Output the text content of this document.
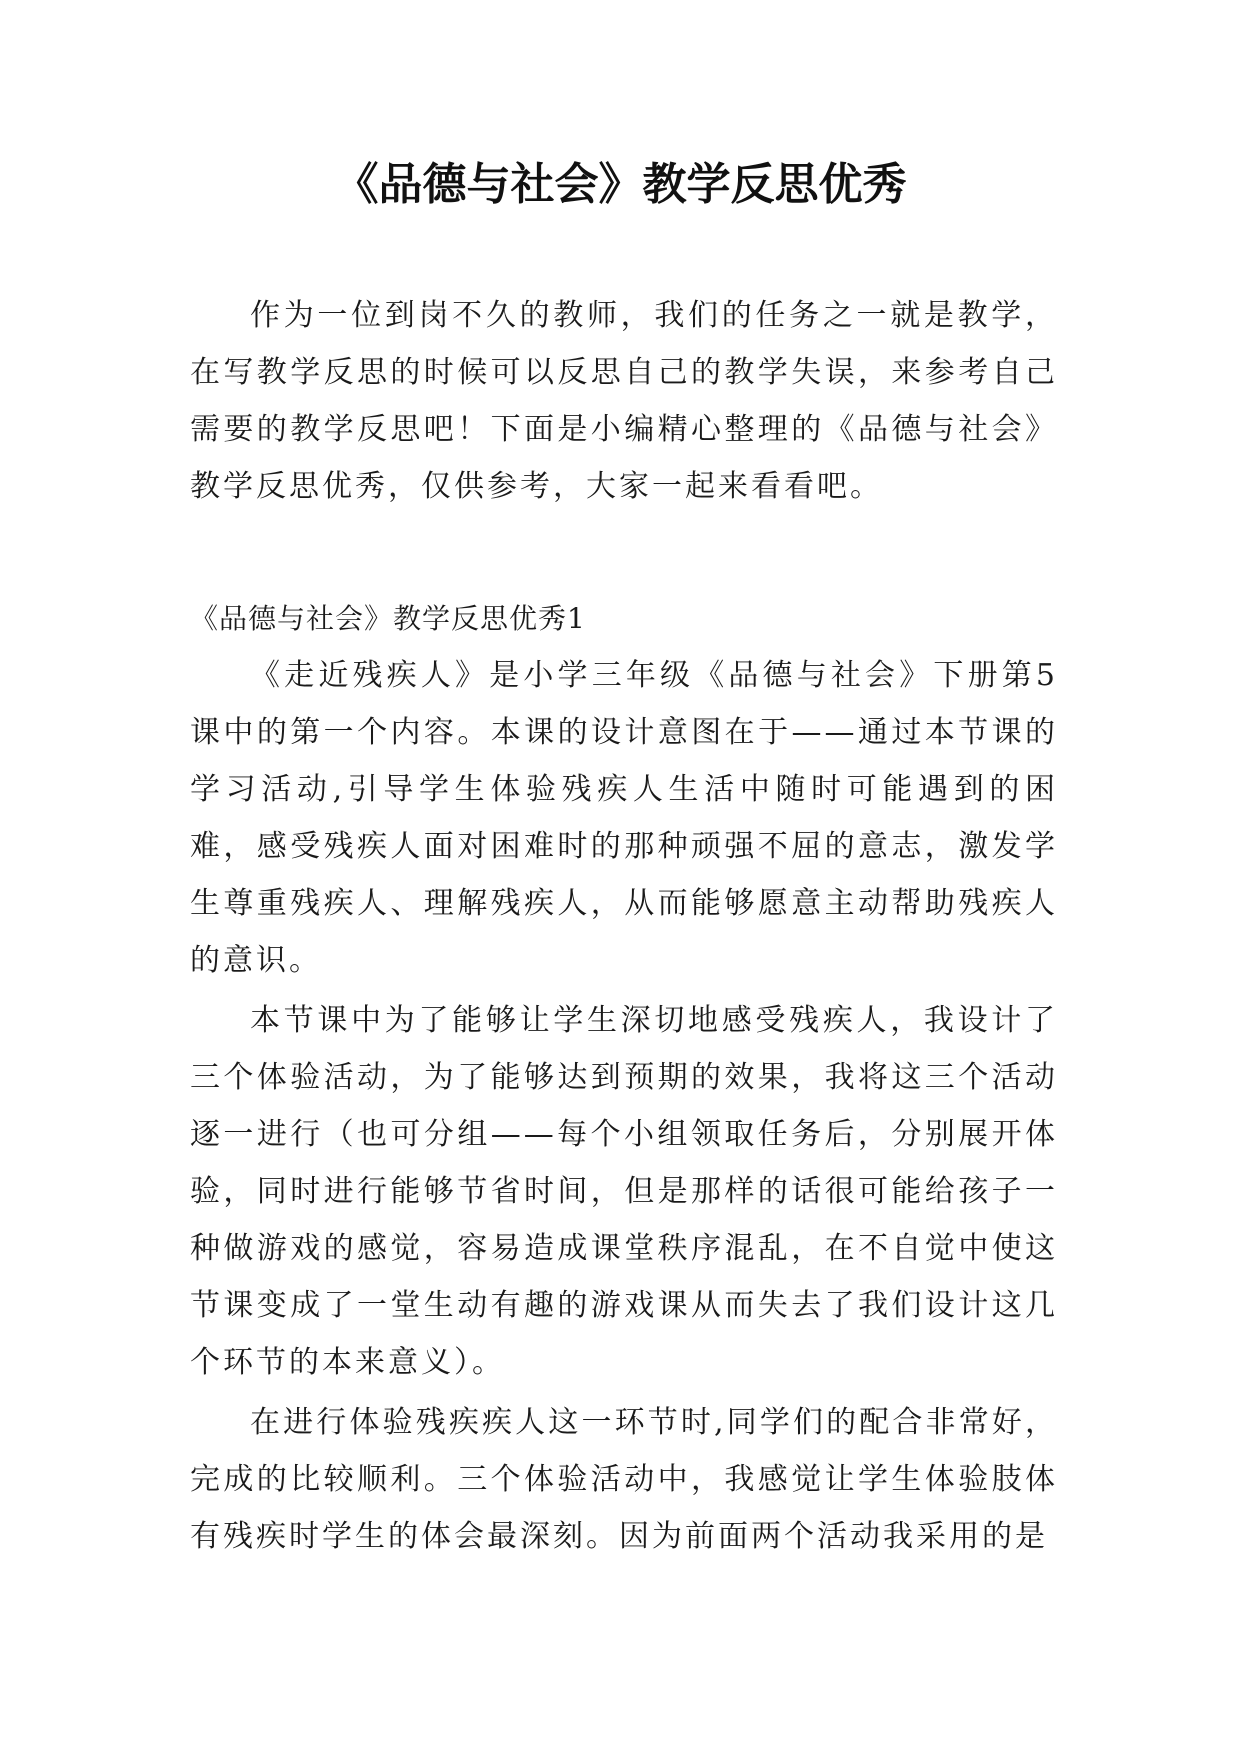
《品德与社会》教学反思优秀

作为一位到岗不久的教师，我们的任务之一就是教学，在写教学反思的时候可以反思自己的教学失误，来参考自己需要的教学反思吧！下面是小编精心整理的《品德与社会》教学反思优秀，仅供参考，大家一起来看看吧。

《品德与社会》教学反思优秀1

《走近残疾人》是小学三年级《品德与社会》下册第5课中的第一个内容。本课的设计意图在于——通过本节课的学习活动,引导学生体验残疾人生活中随时可能遇到的困难，感受残疾人面对困难时的那种顽强不屈的意志，激发学生尊重残疾人、理解残疾人，从而能够愿意主动帮助残疾人的意识。

本节课中为了能够让学生深切地感受残疾人，我设计了三个体验活动，为了能够达到预期的效果，我将这三个活动逐一进行（也可分组——每个小组领取任务后，分别展开体验，同时进行能够节省时间，但是那样的话很可能给孩子一种做游戏的感觉，容易造成课堂秩序混乱，在不自觉中使这节课变成了一堂生动有趣的游戏课从而失去了我们设计这几个环节的本来意义）。

在进行体验残疾疾人这一环节时,同学们的配合非常好，完成的比较顺利。三个体验活动中，我感觉让学生体验肢体有残疾时学生的体会最深刻。因为前面两个活动我采用的是
